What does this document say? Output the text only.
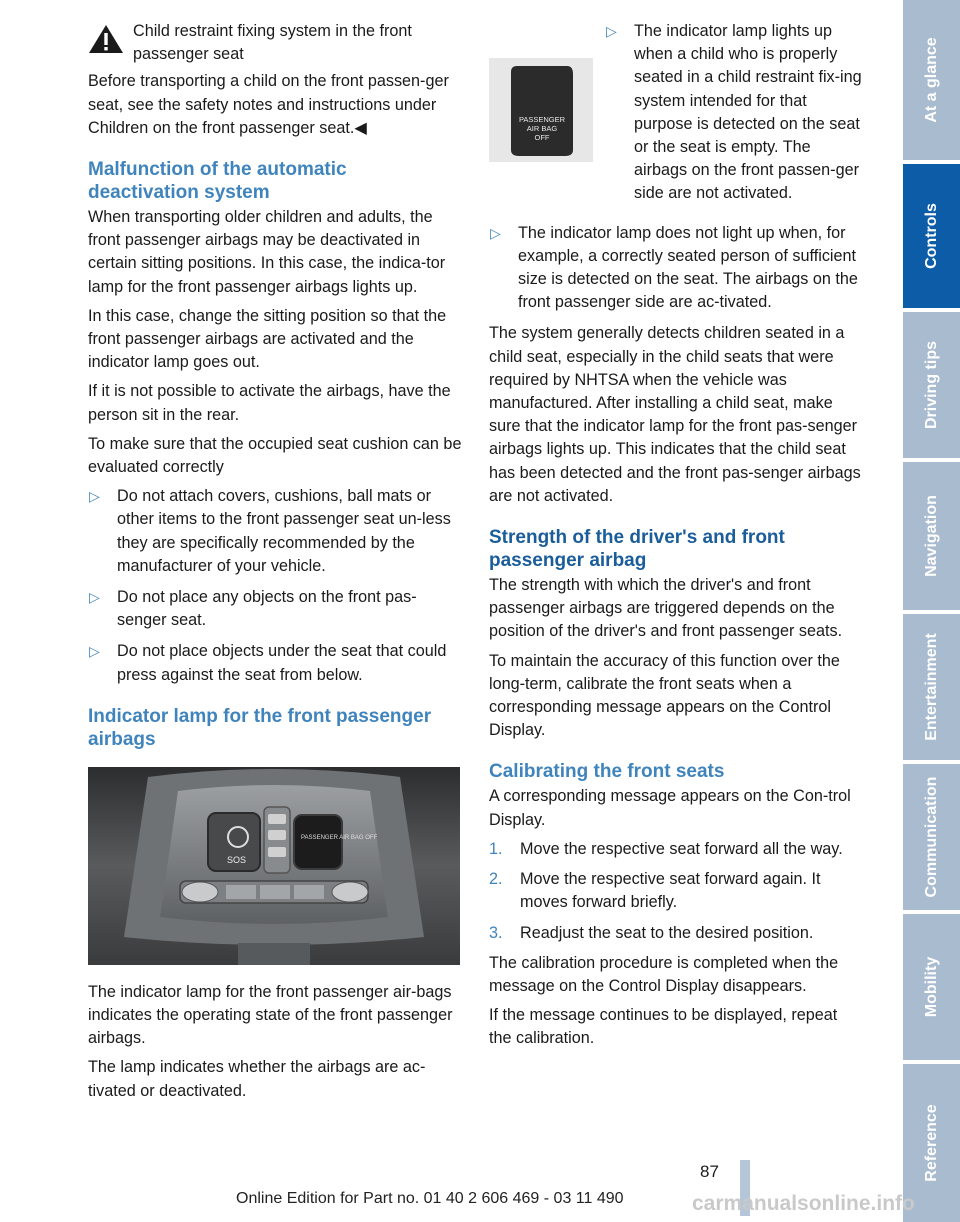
Child restraint fixing system in the front passenger seat

Before transporting a child on the front passen-ger seat, see the safety notes and instructions under Children on the front passenger seat.◀

Malfunction of the automatic deactivation system

When transporting older children and adults, the front passenger airbags may be deactivated in certain sitting positions. In this case, the indica-tor lamp for the front passenger airbags lights up.

In this case, change the sitting position so that the front passenger airbags are activated and the indicator lamp goes out.

If it is not possible to activate the airbags, have the person sit in the rear.

To make sure that the occupied seat cushion can be evaluated correctly

▷ Do not attach covers, cushions, ball mats or other items to the front passenger seat un-less they are specifically recommended by the manufacturer of your vehicle.
▷ Do not place any objects on the front pas-senger seat.
▷ Do not place objects under the seat that could press against the seat from below.
Indicator lamp for the front passenger airbags
SOS
PASSENGER AIR BAG OFF

The indicator lamp for the front passenger air-bags indicates the operating state of the front passenger airbags.

The lamp indicates whether the airbags are ac-tivated or deactivated.

PASSENGER
AIR BAG
OFF
▷ The indicator lamp lights up when a child who is properly seated in a child restraint fix-ing system intended for that purpose is detected on the seat or the seat is empty. The airbags on the front passen-ger side are not activated.
▷ The indicator lamp does not light up when, for example, a correctly seated person of sufficient size is detected on the seat. The airbags on the front passenger side are ac-tivated.

The system generally detects children seated in a child seat, especially in the child seats that were required by NHTSA when the vehicle was manufactured. After installing a child seat, make sure that the indicator lamp for the front pas-senger airbags lights up. This indicates that the child seat has been detected and the front pas-senger airbags are not activated.

Strength of the driver's and front passenger airbag

The strength with which the driver's and front passenger airbags are triggered depends on the position of the driver's and front passenger seats.

To maintain the accuracy of this function over the long-term, calibrate the front seats when a corresponding message appears on the Control Display.

Calibrating the front seats

A corresponding message appears on the Con-trol Display.

1. Move the respective seat forward all the way.
2. Move the respective seat forward again. It moves forward briefly.
3. Readjust the seat to the desired position.

The calibration procedure is completed when the message on the Control Display disappears.

If the message continues to be displayed, repeat the calibration.

At a glance
Controls
Driving tips
Navigation
Entertainment
Communication
Mobility
Reference
87
Online Edition for Part no. 01 40 2 606 469 - 03 11 490	carmanualsonline.info
